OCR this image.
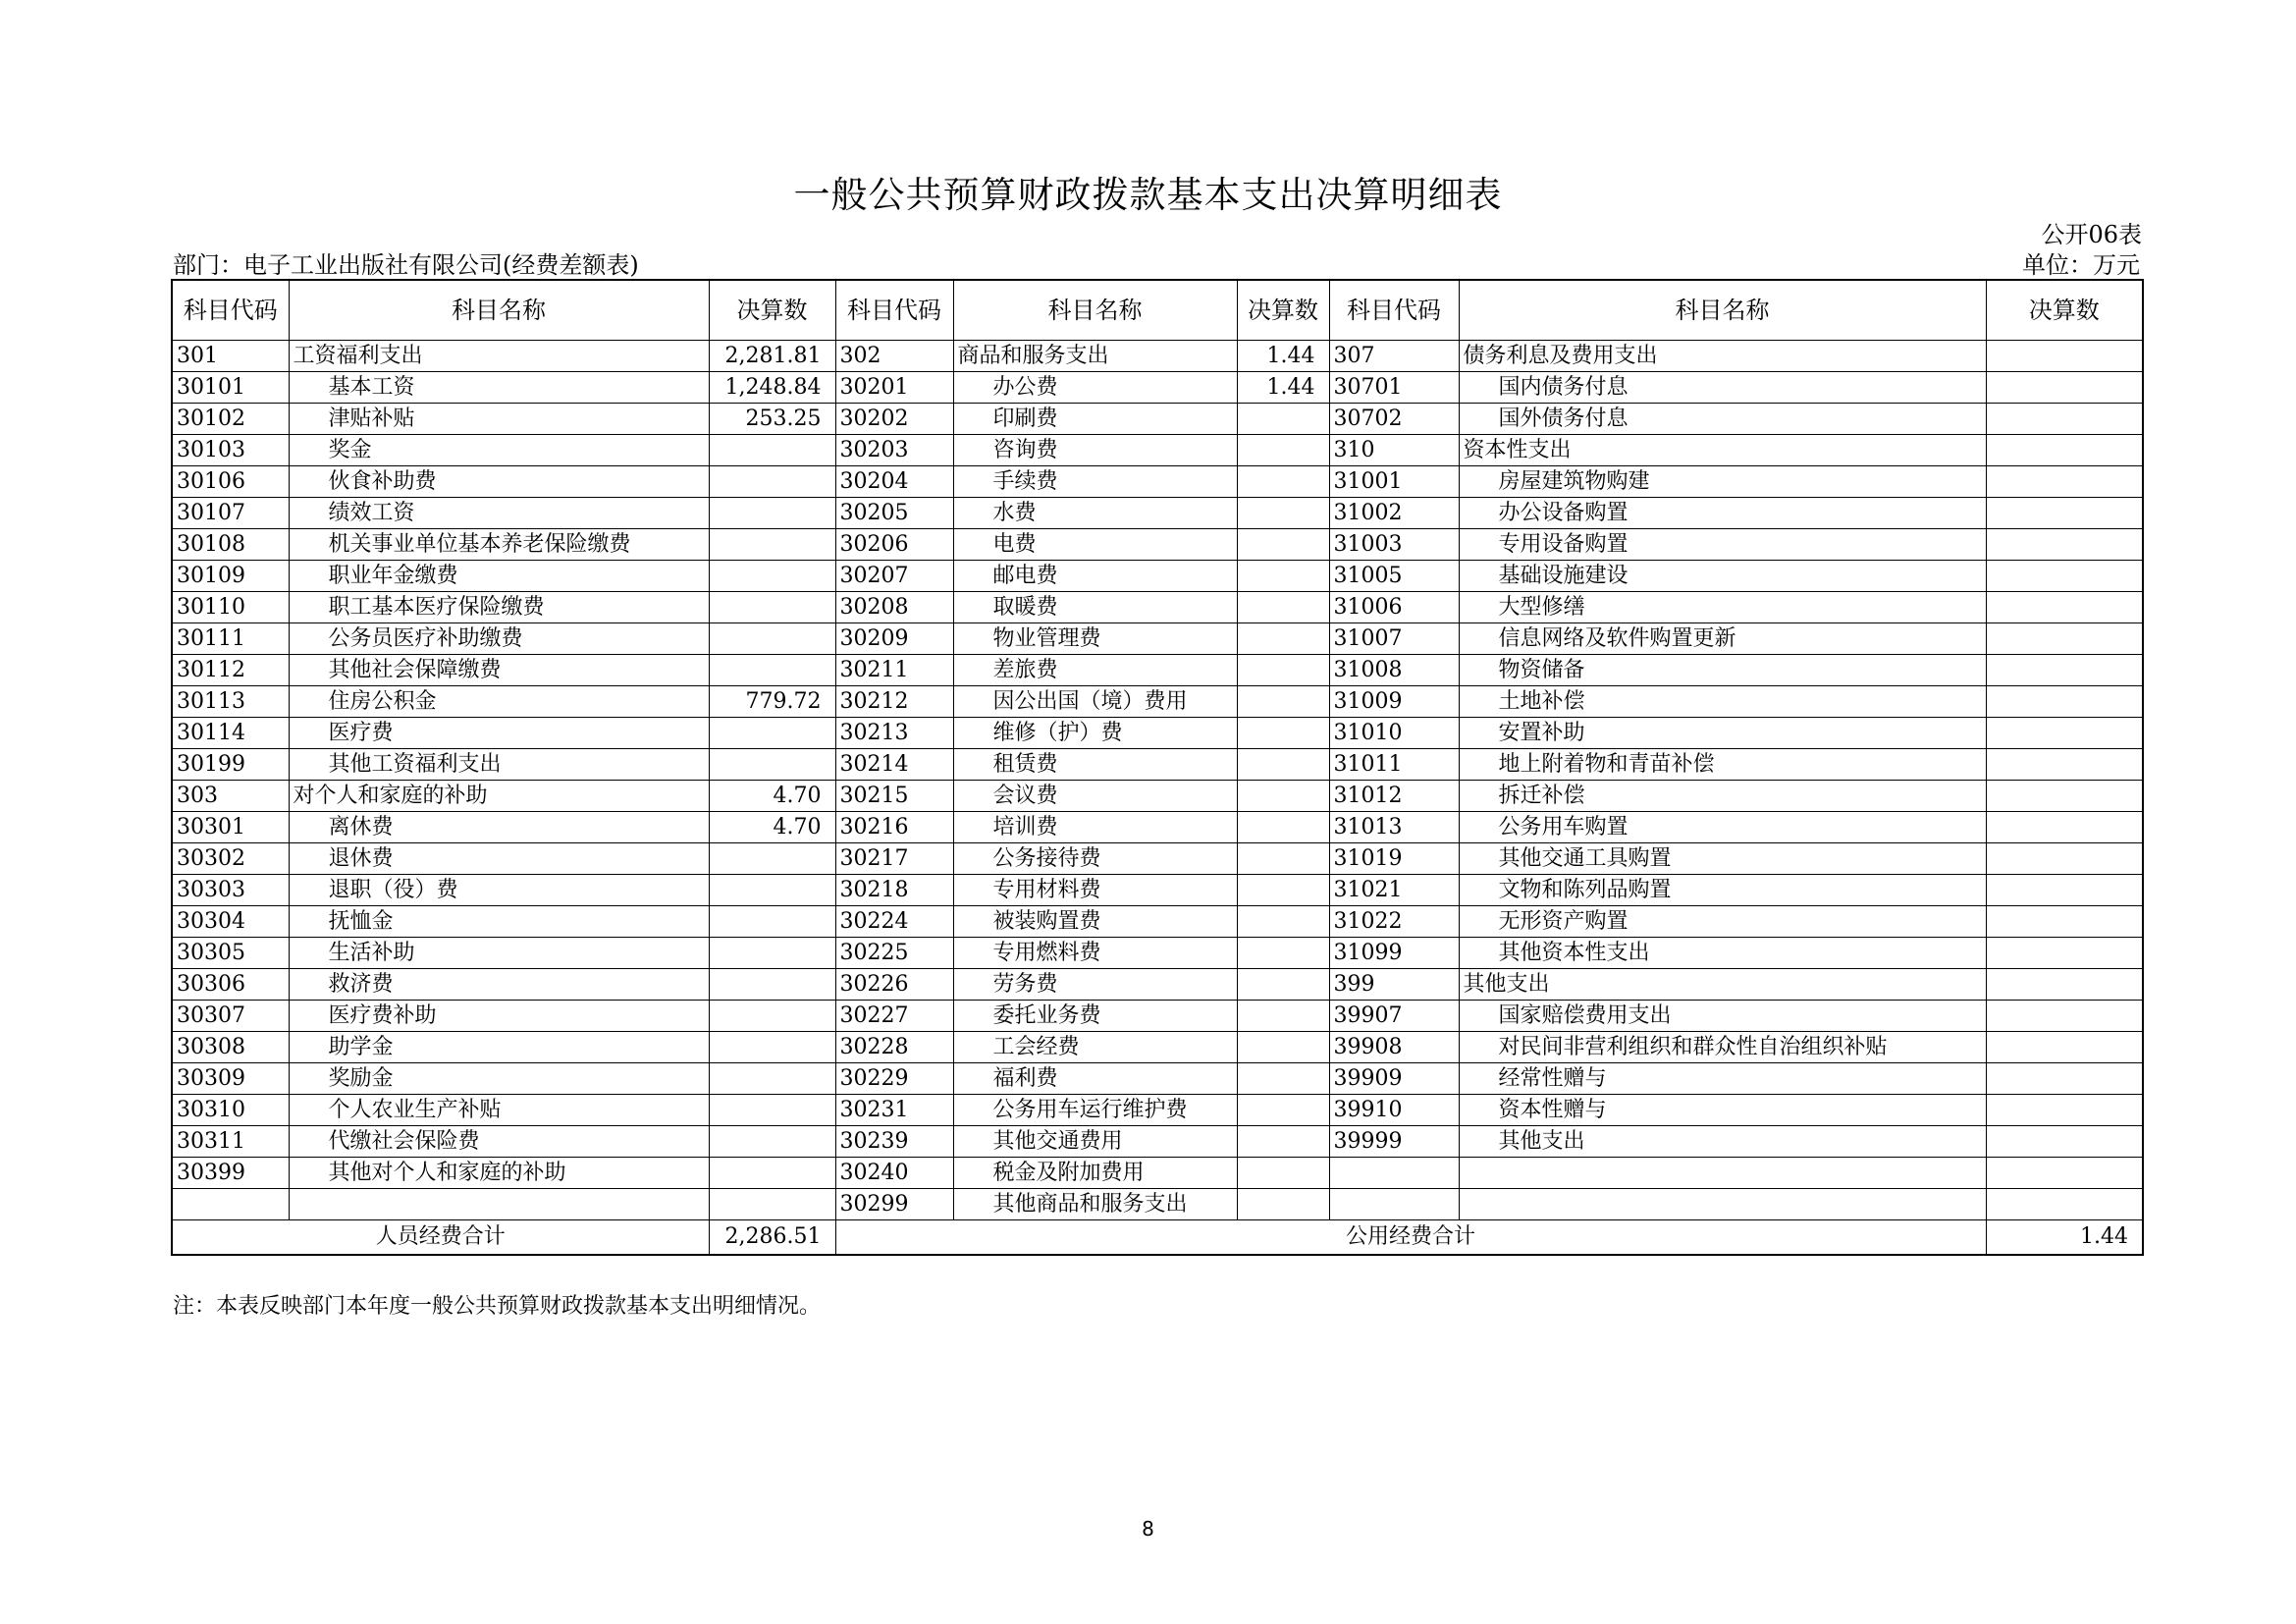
一般公共预算财政拨款基本支出决算明细表
公开06表
部门：电子工业出版社有限公司(经费差额表)	单位：万元
科目代码	科目名称	决算数	科目代码	科目名称	决算数	科目代码	科目名称	决算数
301	工资福利支出	2,281.81	302	商品和服务支出	1.44	307	债务利息及费用支出	
30101	基本工资	1,248.84	30201	办公费	1.44	30701	国内债务付息	
30102	津贴补贴	253.25	30202	印刷费		30702	国外债务付息	
30103	奖金		30203	咨询费		310	资本性支出	
30106	伙食补助费		30204	手续费		31001	房屋建筑物购建	
30107	绩效工资		30205	水费		31002	办公设备购置	
30108	机关事业单位基本养老保险缴费		30206	电费		31003	专用设备购置	
30109	职业年金缴费		30207	邮电费		31005	基础设施建设	
30110	职工基本医疗保险缴费		30208	取暖费		31006	大型修缮	
30111	公务员医疗补助缴费		30209	物业管理费		31007	信息网络及软件购置更新	
30112	其他社会保障缴费		30211	差旅费		31008	物资储备	
30113	住房公积金	779.72	30212	因公出国（境）费用		31009	土地补偿	
30114	医疗费		30213	维修（护）费		31010	安置补助	
30199	其他工资福利支出		30214	租赁费		31011	地上附着物和青苗补偿	
303	对个人和家庭的补助	4.70	30215	会议费		31012	拆迁补偿	
30301	离休费	4.70	30216	培训费		31013	公务用车购置	
30302	退休费		30217	公务接待费		31019	其他交通工具购置	
30303	退职（役）费		30218	专用材料费		31021	文物和陈列品购置	
30304	抚恤金		30224	被装购置费		31022	无形资产购置	
30305	生活补助		30225	专用燃料费		31099	其他资本性支出	
30306	救济费		30226	劳务费		399	其他支出	
30307	医疗费补助		30227	委托业务费		39907	国家赔偿费用支出	
30308	助学金		30228	工会经费		39908	对民间非营利组织和群众性自治组织补贴	
30309	奖励金		30229	福利费		39909	经常性赠与	
30310	个人农业生产补贴		30231	公务用车运行维护费		39910	资本性赠与	
30311	代缴社会保险费		30239	其他交通费用		39999	其他支出	
30399	其他对个人和家庭的补助		30240	税金及附加费用				
			30299	其他商品和服务支出				
人员经费合计		2,286.51	公用经费合计					1.44
注：本表反映部门本年度一般公共预算财政拨款基本支出明细情况。
8
